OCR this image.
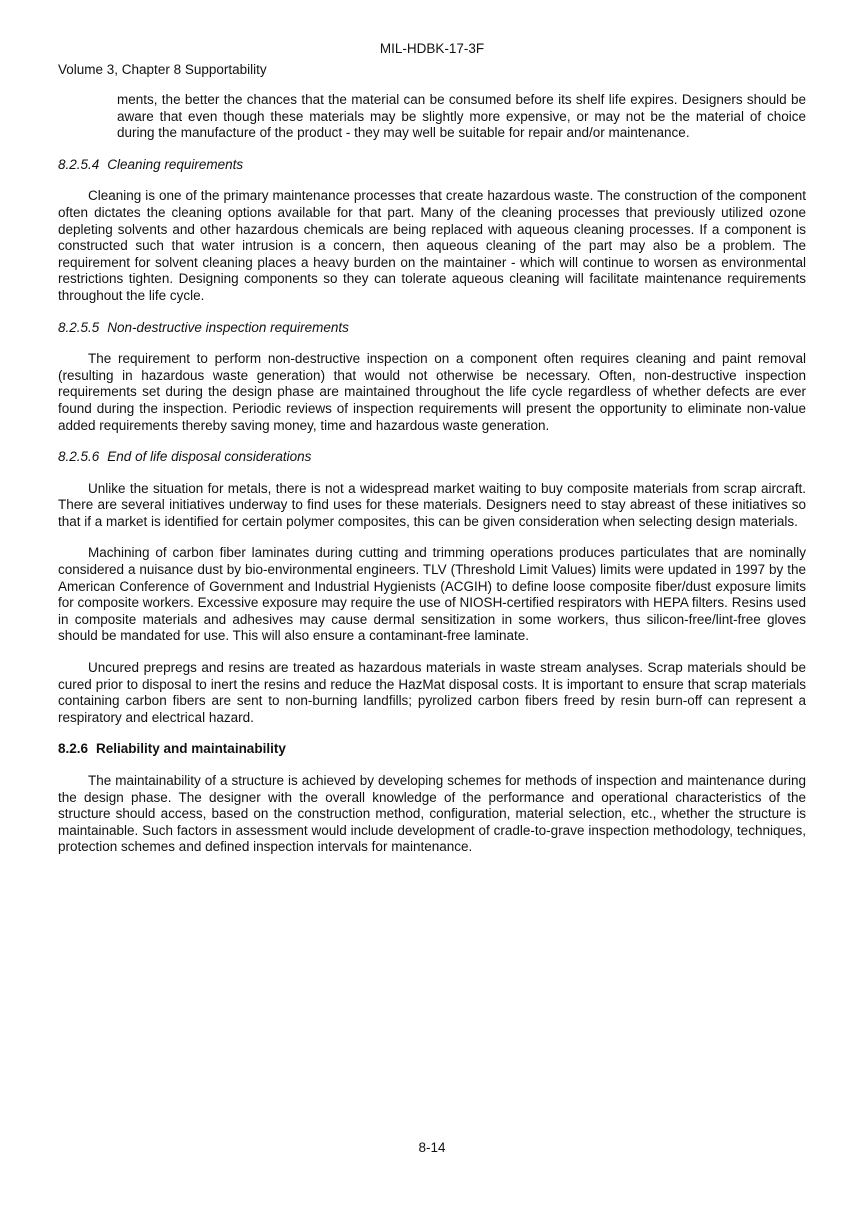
MIL-HDBK-17-3F
Volume 3, Chapter 8 Supportability

ments, the better the chances that the material can be consumed before its shelf life expires. Designers should be aware that even though these materials may be slightly more expensive, or may not be the material of choice during the manufacture of the product - they may well be suitable for repair and/or maintenance.

8.2.5.4 Cleaning requirements

Cleaning is one of the primary maintenance processes that create hazardous waste. The construction of the component often dictates the cleaning options available for that part. Many of the cleaning processes that previously utilized ozone depleting solvents and other hazardous chemicals are being replaced with aqueous cleaning processes. If a component is constructed such that water intrusion is a concern, then aqueous cleaning of the part may also be a problem. The requirement for solvent cleaning places a heavy burden on the maintainer - which will continue to worsen as environmental restrictions tighten. Designing components so they can tolerate aqueous cleaning will facilitate maintenance requirements throughout the life cycle.

8.2.5.5 Non-destructive inspection requirements

The requirement to perform non-destructive inspection on a component often requires cleaning and paint removal (resulting in hazardous waste generation) that would not otherwise be necessary. Often, non-destructive inspection requirements set during the design phase are maintained throughout the life cycle regardless of whether defects are ever found during the inspection. Periodic reviews of inspection requirements will present the opportunity to eliminate non-value added requirements thereby saving money, time and hazardous waste generation.

8.2.5.6 End of life disposal considerations

Unlike the situation for metals, there is not a widespread market waiting to buy composite materials from scrap aircraft. There are several initiatives underway to find uses for these materials. Designers need to stay abreast of these initiatives so that if a market is identified for certain polymer composites, this can be given consideration when selecting design materials.

Machining of carbon fiber laminates during cutting and trimming operations produces particulates that are nominally considered a nuisance dust by bio-environmental engineers. TLV (Threshold Limit Values) limits were updated in 1997 by the American Conference of Government and Industrial Hygienists (ACGIH) to define loose composite fiber/dust exposure limits for composite workers. Excessive exposure may require the use of NIOSH-certified respirators with HEPA filters. Resins used in composite materials and adhesives may cause dermal sensitization in some workers, thus silicon-free/lint-free gloves should be mandated for use. This will also ensure a contaminant-free laminate.

Uncured prepregs and resins are treated as hazardous materials in waste stream analyses. Scrap materials should be cured prior to disposal to inert the resins and reduce the HazMat disposal costs. It is important to ensure that scrap materials containing carbon fibers are sent to non-burning landfills; pyrolized carbon fibers freed by resin burn-off can represent a respiratory and electrical hazard.

8.2.6 Reliability and maintainability

The maintainability of a structure is achieved by developing schemes for methods of inspection and maintenance during the design phase. The designer with the overall knowledge of the performance and operational characteristics of the structure should access, based on the construction method, configuration, material selection, etc., whether the structure is maintainable. Such factors in assessment would include development of cradle-to-grave inspection methodology, techniques, protection schemes and defined inspection intervals for maintenance.

8-14
